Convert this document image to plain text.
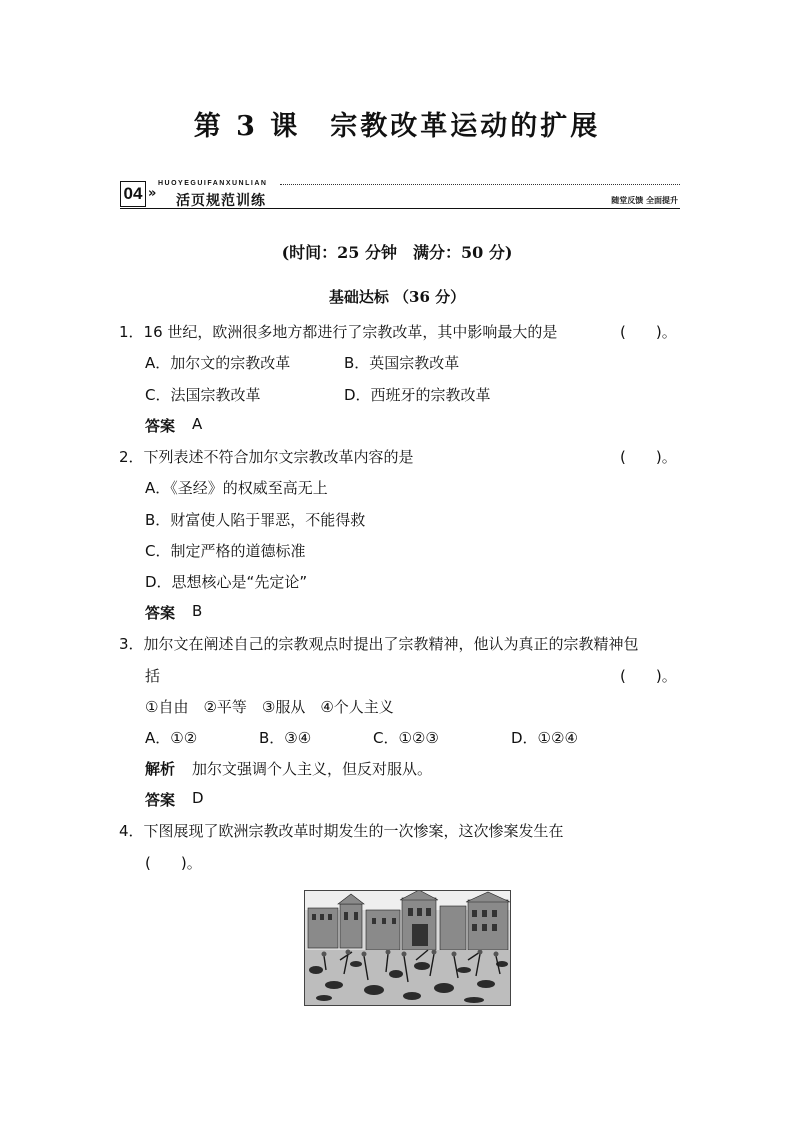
第 3 课　宗教改革运动的扩展
04 »
HUOYEGUIFANXUNLIAN
活页规范训练	随堂反馈 全面提升
(时间：25 分钟　满分：50 分)
基础达标 （36 分）
1．16 世纪，欧洲很多地方都进行了宗教改革，其中影响最大的是	(　　)。
A．加尔文的宗教改革	B．英国宗教改革
C．法国宗教改革	D．西班牙的宗教改革
答案 A
2．下列表述不符合加尔文宗教改革内容的是	(　　)。
A．《圣经》的权威至高无上
B．财富使人陷于罪恶，不能得救
C．制定严格的道德标准
D．思想核心是“先定论”
答案 B
3．加尔文在阐述自己的宗教观点时提出了宗教精神，他认为真正的宗教精神包
括	(　　)。
①自由　②平等　③服从　④个人主义
A．①②	B．③④	C．①②③	D．①②④
解析 加尔文强调个人主义，但反对服从。
答案 D
4．下图展现了欧洲宗教改革时期发生的一次惨案，这次惨案发生在
(　　)。
